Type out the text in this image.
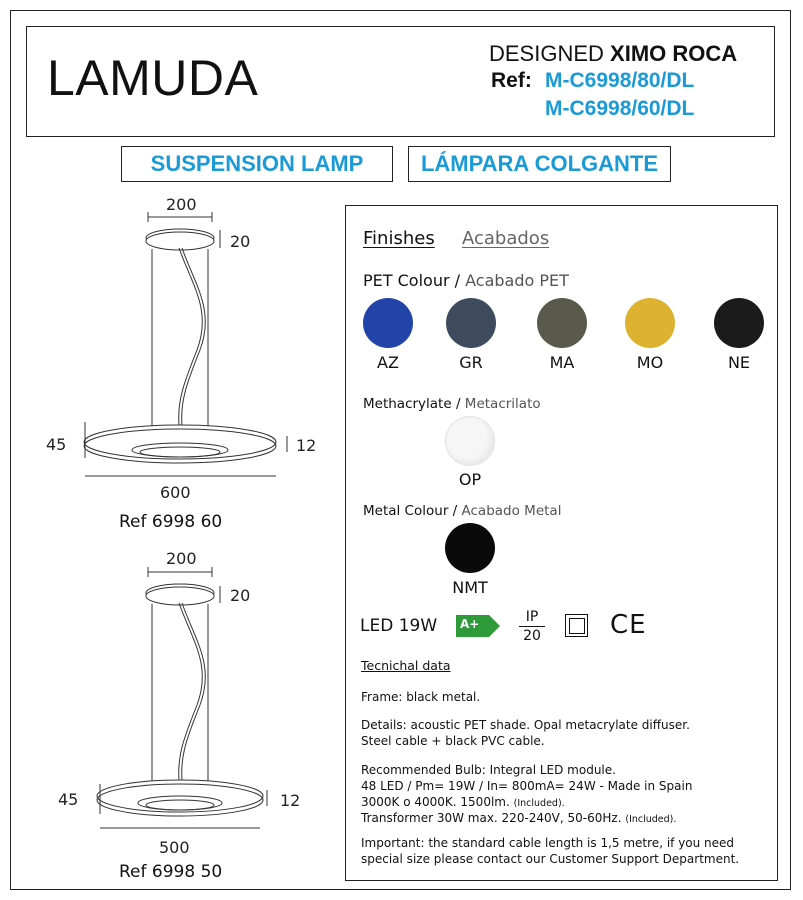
LAMUDA	DESIGNED XIMO ROCA
Ref: M-C6998/80/DL
M-C6998/60/DL
SUSPENSION LAMP	LÁMPARA COLGANTE
200
20
45	12
600
Ref 6998 60
200
20
45	12
500
Ref 6998 50
Finishes Acabados
PET Colour / Acabado PET
AZ	GR	MA	MO	NE
Methacrylate / Metacrilato
OP
Metal Colour / Acabado Metal
NMT
LED 19W A+	IP
20	CE
Tecnichal data
Frame: black metal.
Details: acoustic PET shade. Opal metacrylate diffuser.
Steel cable + black PVC cable.
Recommended Bulb: Integral LED module.
48 LED / Pm= 19W / In= 800mA= 24W - Made in Spain
3000K o 4000K. 1500lm. (Included).
Transformer 30W max. 220-240V, 50-60Hz. (Included).
Important: the standard cable length is 1,5 metre, if you need
special size please contact our Customer Support Department.
